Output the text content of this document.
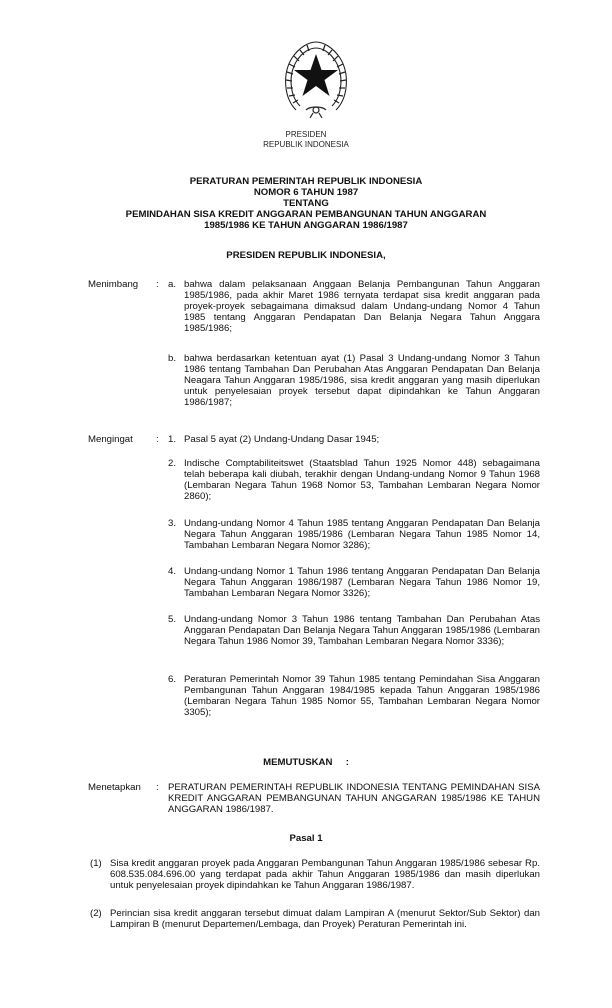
PRESIDEN
REPUBLIK INDONESIA
PERATURAN PEMERINTAH REPUBLIK INDONESIA
NOMOR 6 TAHUN 1987
TENTANG
PEMINDAHAN SISA KREDIT ANGGARAN PEMBANGUNAN TAHUN ANGGARAN
1985/1986 KE TAHUN ANGGARAN 1986/1987
PRESIDEN REPUBLIK INDONESIA,
Menimbang : a. bahwa dalam pelaksanaan Anggaan Belanja Pembangunan Tahun Anggaran 1985/1986, pada akhir Maret 1986 ternyata terdapat sisa kredit anggaran pada proyek-proyek sebagaimana dimaksud dalam Undang-undang Nomor 4 Tahun 1985 tentang Anggaran Pendapatan Dan Belanja Negara Tahun Anggara 1985/1986;
b. bahwa berdasarkan ketentuan ayat (1) Pasal 3 Undang-undang Nomor 3 Tahun 1986 tentang Tambahan Dan Perubahan Atas Anggaran Pendapatan Dan Belanja Neagara Tahun Anggaran 1985/1986, sisa kredit anggaran yang masih diperlukan untuk penyelesaian proyek tersebut dapat dipindahkan ke Tahun Anggaran 1986/1987;
Mengingat : 1. Pasal 5 ayat (2) Undang-Undang Dasar 1945;
2. Indische Comptabiliteitswet (Staatsblad Tahun 1925 Nomor 448) sebagaimana telah beberapa kali diubah, terakhir dengan Undang-undang Nomor 9 Tahun 1968 (Lembaran Negara Tahun 1968 Nomor 53, Tambahan Lembaran Negara Nomor 2860);
3. Undang-undang Nomor 4 Tahun 1985 tentang Anggaran Pendapatan Dan Belanja Negara Tahun Anggaran 1985/1986 (Lembaran Negara Tahun 1985 Nomor 14, Tambahan Lembaran Negara Nomor 3286);
4. Undang-undang Nomor 1 Tahun 1986 tentang Anggaran Pendapatan Dan Belanja Negara Tahun Anggaran 1986/1987 (Lembaran Negara Tahun 1986 Nomor 19, Tambahan Lembaran Negara Nomor 3326);
5. Undang-undang Nomor 3 Tahun 1986 tentang Tambahan Dan Perubahan Atas Anggaran Pendapatan Dan Belanja Negara Tahun Anggaran 1985/1986 (Lembaran Negara Tahun 1986 Nomor 39, Tambahan Lembaran Negara Nomor 3336);
6. Peraturan Pemerintah Nomor 39 Tahun 1985 tentang Pemindahan Sisa Anggaran Pembangunan Tahun Anggaran 1984/1985 kepada Tahun Anggaran 1985/1986 (Lembaran Negara Tahun 1985 Nomor 55, Tambahan Lembaran Negara Nomor 3305);
MEMUTUSKAN     :
Menetapkan : PERATURAN PEMERINTAH REPUBLIK INDONESIA TENTANG PEMINDAHAN SISA KREDIT ANGGARAN PEMBANGUNAN TAHUN ANGGARAN 1985/1986 KE TAHUN ANGGARAN 1986/1987.
Pasal 1
(1) Sisa kredit anggaran proyek pada Anggaran Pembangunan Tahun Anggaran 1985/1986 sebesar Rp. 608.535.084.696.00 yang terdapat pada akhir Tahun Anggaran 1985/1986 dan masih diperlukan untuk penyelesaian proyek dipindahkan ke Tahun Anggaran 1986/1987.
(2) Perincian sisa kredit anggaran tersebut dimuat dalam Lampiran A (menurut Sektor/Sub Sektor) dan Lampiran B (menurut Departemen/Lembaga, dan Proyek) Peraturan Pemerintah ini.
